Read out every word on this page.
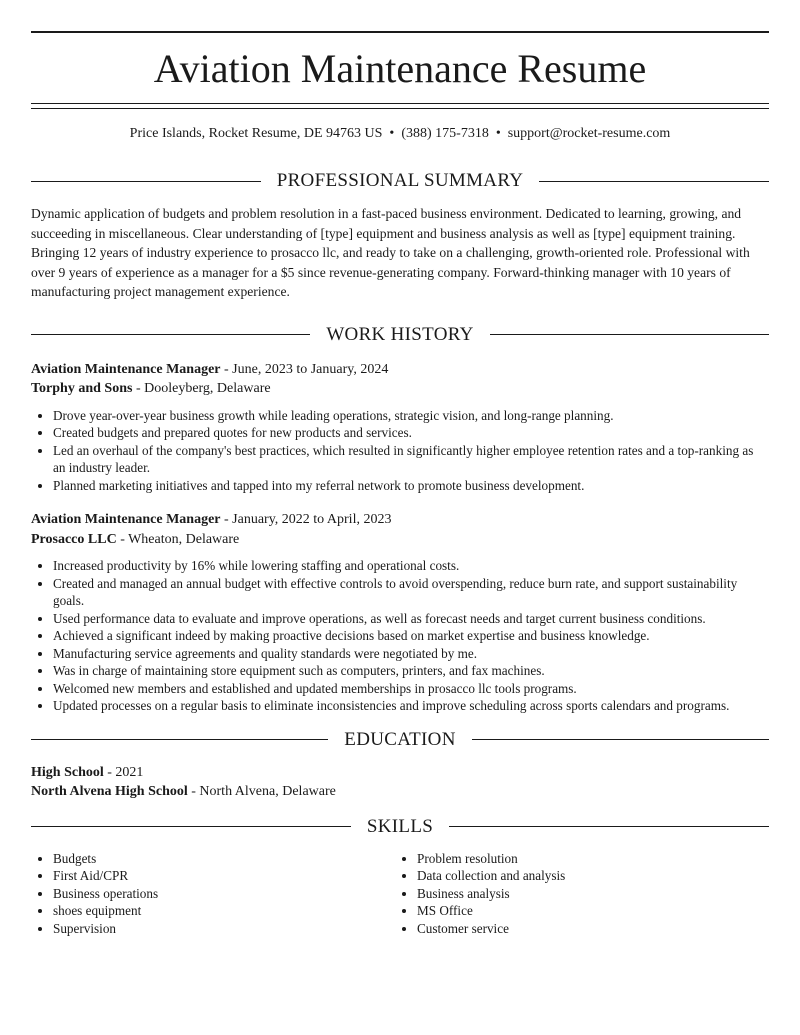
Aviation Maintenance Resume
Price Islands, Rocket Resume, DE 94763 US • (388) 175-7318 • support@rocket-resume.com
PROFESSIONAL SUMMARY

Dynamic application of budgets and problem resolution in a fast-paced business environment. Dedicated to learning, growing, and succeeding in miscellaneous. Clear understanding of [type] equipment and business analysis as well as [type] equipment training. Bringing 12 years of industry experience to prosacco llc, and ready to take on a challenging, growth-oriented role. Professional with over 9 years of experience as a manager for a $5 since revenue-generating company. Forward-thinking manager with 10 years of manufacturing project management experience.

WORK HISTORY
Aviation Maintenance Manager - June, 2023 to January, 2024
Torphy and Sons - Dooleyberg, Delaware
• Drove year-over-year business growth while leading operations, strategic vision, and long-range planning.
• Created budgets and prepared quotes for new products and services.
• Led an overhaul of the company's best practices, which resulted in significantly higher employee retention rates and a top-ranking as an industry leader.
• Planned marketing initiatives and tapped into my referral network to promote business development.
Aviation Maintenance Manager - January, 2022 to April, 2023
Prosacco LLC - Wheaton, Delaware
• Increased productivity by 16% while lowering staffing and operational costs.
• Created and managed an annual budget with effective controls to avoid overspending, reduce burn rate, and support sustainability goals.
• Used performance data to evaluate and improve operations, as well as forecast needs and target current business conditions.
• Achieved a significant indeed by making proactive decisions based on market expertise and business knowledge.
• Manufacturing service agreements and quality standards were negotiated by me.
• Was in charge of maintaining store equipment such as computers, printers, and fax machines.
• Welcomed new members and established and updated memberships in prosacco llc tools programs.
• Updated processes on a regular basis to eliminate inconsistencies and improve scheduling across sports calendars and programs.
EDUCATION
High School - 2021
North Alvena High School - North Alvena, Delaware
SKILLS
• Budgets
• First Aid/CPR
• Business operations
• shoes equipment
• Supervision
• Problem resolution
• Data collection and analysis
• Business analysis
• MS Office
• Customer service
